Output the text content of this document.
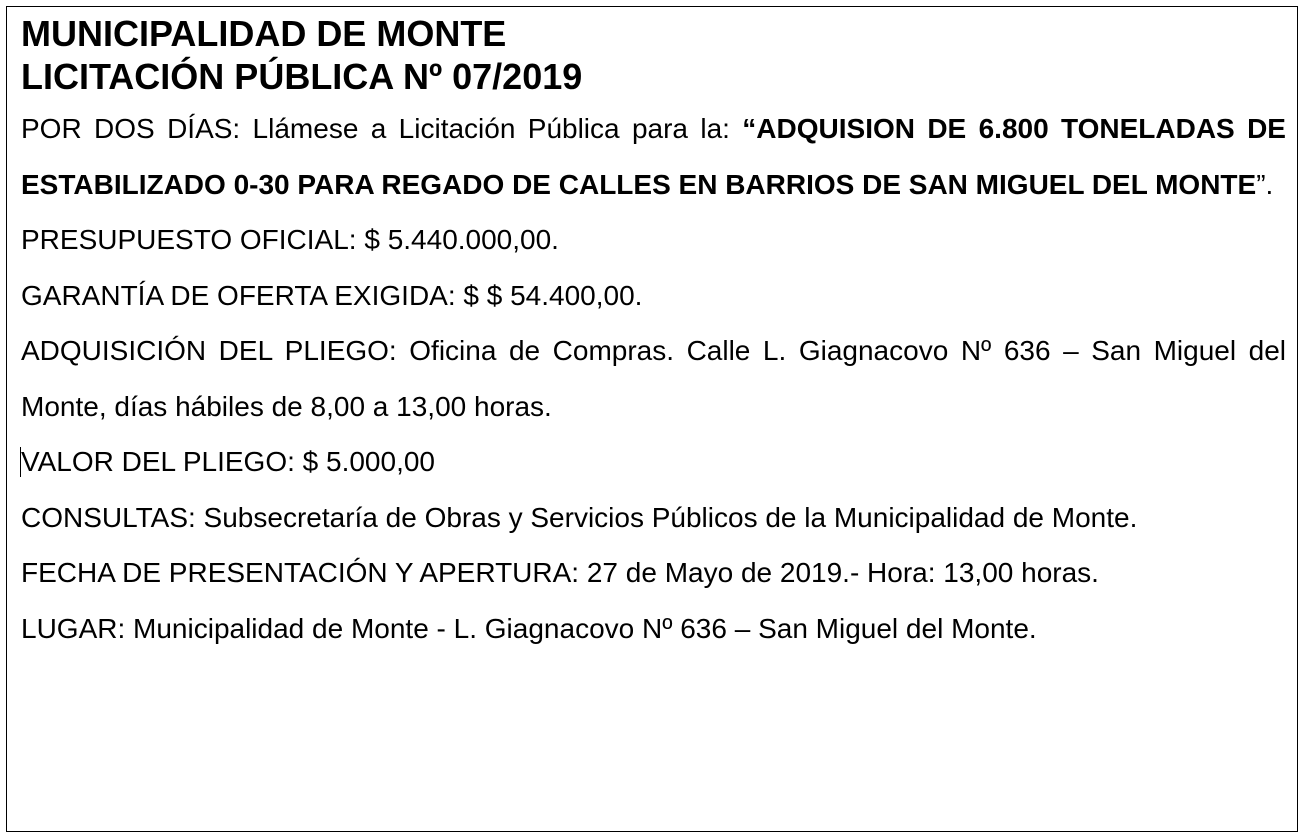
MUNICIPALIDAD DE MONTE

LICITACIÓN PÚBLICA Nº 07/2019

POR DOS DÍAS: Llámese a Licitación Pública para la: “ADQUISION DE 6.800 TONELADAS DE ESTABILIZADO 0-30 PARA REGADO DE CALLES EN BARRIOS DE SAN MIGUEL DEL MONTE”.

PRESUPUESTO OFICIAL: $ 5.440.000,00.

GARANTÍA DE OFERTA EXIGIDA: $ $ 54.400,00.

ADQUISICIÓN DEL PLIEGO: Oficina de Compras. Calle L. Giagnacovo Nº 636 – San Miguel del Monte, días hábiles de 8,00 a 13,00 horas.

VALOR DEL PLIEGO: $ 5.000,00

CONSULTAS: Subsecretaría de Obras y Servicios Públicos de la Municipalidad de Monte.

FECHA DE PRESENTACIÓN Y APERTURA: 27 de Mayo de 2019.- Hora: 13,00 horas.

LUGAR: Municipalidad de Monte - L. Giagnacovo Nº 636 – San Miguel del Monte.
